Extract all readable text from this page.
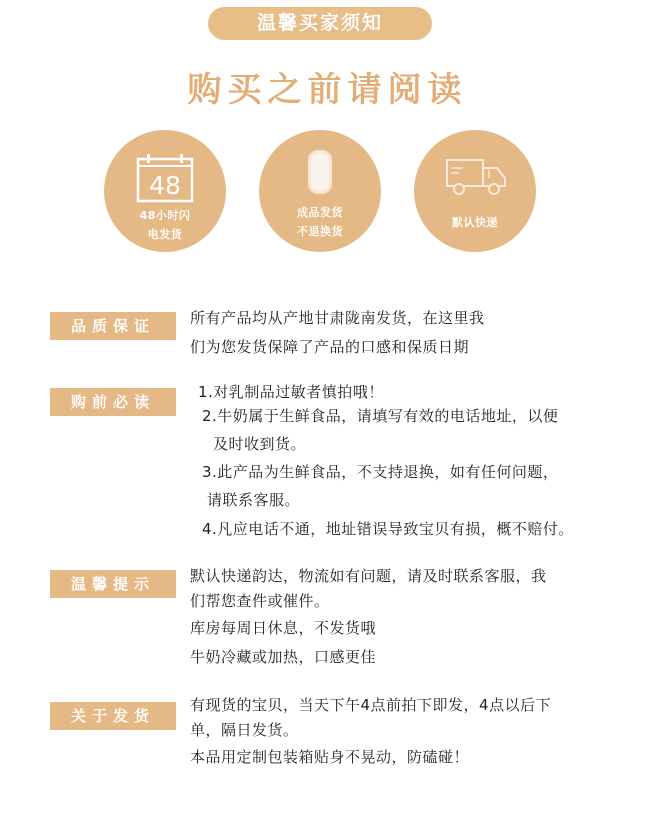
温馨买家须知
购买之前请阅读
48
48小时闪
电发货
成品发货
不退换货
默认快递
品质保证	所有产品均从产地甘肃陇南发货，在这里我
们为您发货保障了产品的口感和保质日期
购前必读
1.对乳制品过敏者慎拍哦！
2.牛奶属于生鲜食品，请填写有效的电话地址，以便
及时收到货。
3.此产品为生鲜食品，不支持退换，如有任何问题，
请联系客服。
4.凡应电话不通，地址错误导致宝贝有损，概不赔付。
温馨提示	默认快递韵达，物流如有问题，请及时联系客服，我
们帮您查件或催件。
库房每周日休息，不发货哦
牛奶冷藏或加热，口感更佳
关于发货
有现货的宝贝，当天下午4点前拍下即发，4点以后下
单，隔日发货。
本品用定制包装箱贴身不晃动，防磕碰！
